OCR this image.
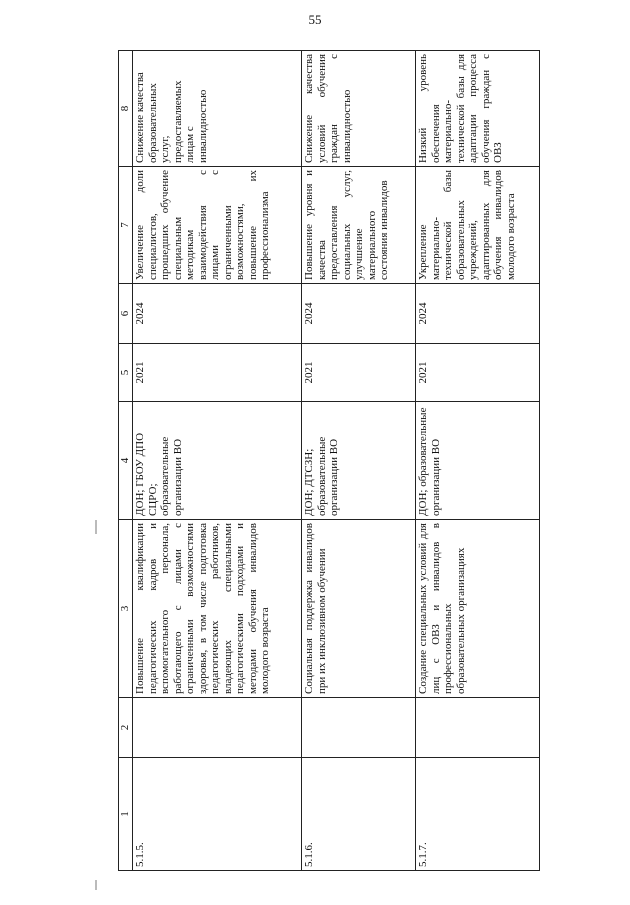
55
1	2	3	4	5	6	7	8
5.1.5.		Повышение квалификации педагогических кадров и вспомогательного персонала, работающего с лицами с ограниченными возможностями здоровья, в том числе подготовка педагогических работников, владеющих специальными педагогическими подходами и методами обучения инвалидов молодого возраста	ДОН; ГБОУ ДПО СЦРО; образовательные организации ВО	2021	2024	Увеличение доли специалистов, прошедших обучение специальным методикам взаимодействия с лицами с ограниченными возможностями, повышение их профессионализма	Снижение качества образовательных услуг, предоставляемых лицам с инвалидностью
5.1.6.		Социальная поддержка инвалидов при их инклюзивном обучении	ДОН; ДТСЗН; образовательные организации ВО	2021	2024	Повышение уровня и качества предоставления социальных услуг, улучшение материального состояния инвалидов	Снижение качества условий обучения граждан с инвалидностью
5.1.7.		Создание специальных условий для лиц с ОВЗ и инвалидов в профессиональных образовательных организациях	ДОН; образовательные организации ВО	2021	2024	Укрепление материально-технической базы образовательных учреждений, адаптированных для обучения инвалидов молодого возраста	Низкий уровень обеспечения материально-технической базы для адаптации процесса обучения граждан с ОВЗ
